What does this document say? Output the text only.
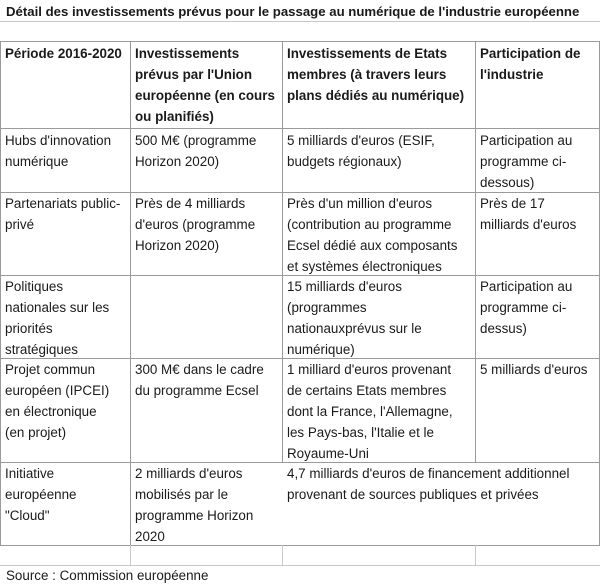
Détail des investissements prévus pour le passage au numérique de l'industrie européenne
Période 2016-2020 Investissements
prévus par l'Union
européenne (en cours
ou planifiés)
Investissements de Etats
membres (à travers leurs
plans dédiés au numérique)
Participation de
l'industrie
Hubs d'innovation
numérique
500 M€ (programme
Horizon 2020)
5 milliards d'euros (ESIF,
budgets régionaux)
Participation au
programme ci-
dessous)
Partenariats public-
privé
Près de 4 milliards
d'euros (programme
Horizon 2020)
Près d'un million d'euros
(contribution au programme
Ecsel dédié aux composants
et systèmes électroniques
Près de 17
milliards d'euros
Politiques
nationales sur les
priorités
stratégiques
15 milliards d'euros
(programmes
nationauxprévus sur le
numérique)
Participation au
programme ci-
dessus)
Projet commun
européen (IPCEI)
en électronique
(en projet)
300 M€ dans le cadre
du programme Ecsel
1 milliard d'euros provenant
de certains Etats membres
dont la France, l'Allemagne,
les Pays-bas, l'Italie et le
Royaume-Uni
5 milliards d'euros
Initiative
européenne
"Cloud"
2 milliards d'euros
mobilisés par le
programme Horizon
2020
4,7 milliards d'euros de financement additionnel
provenant de sources publiques et privées
Source : Commission européenne
